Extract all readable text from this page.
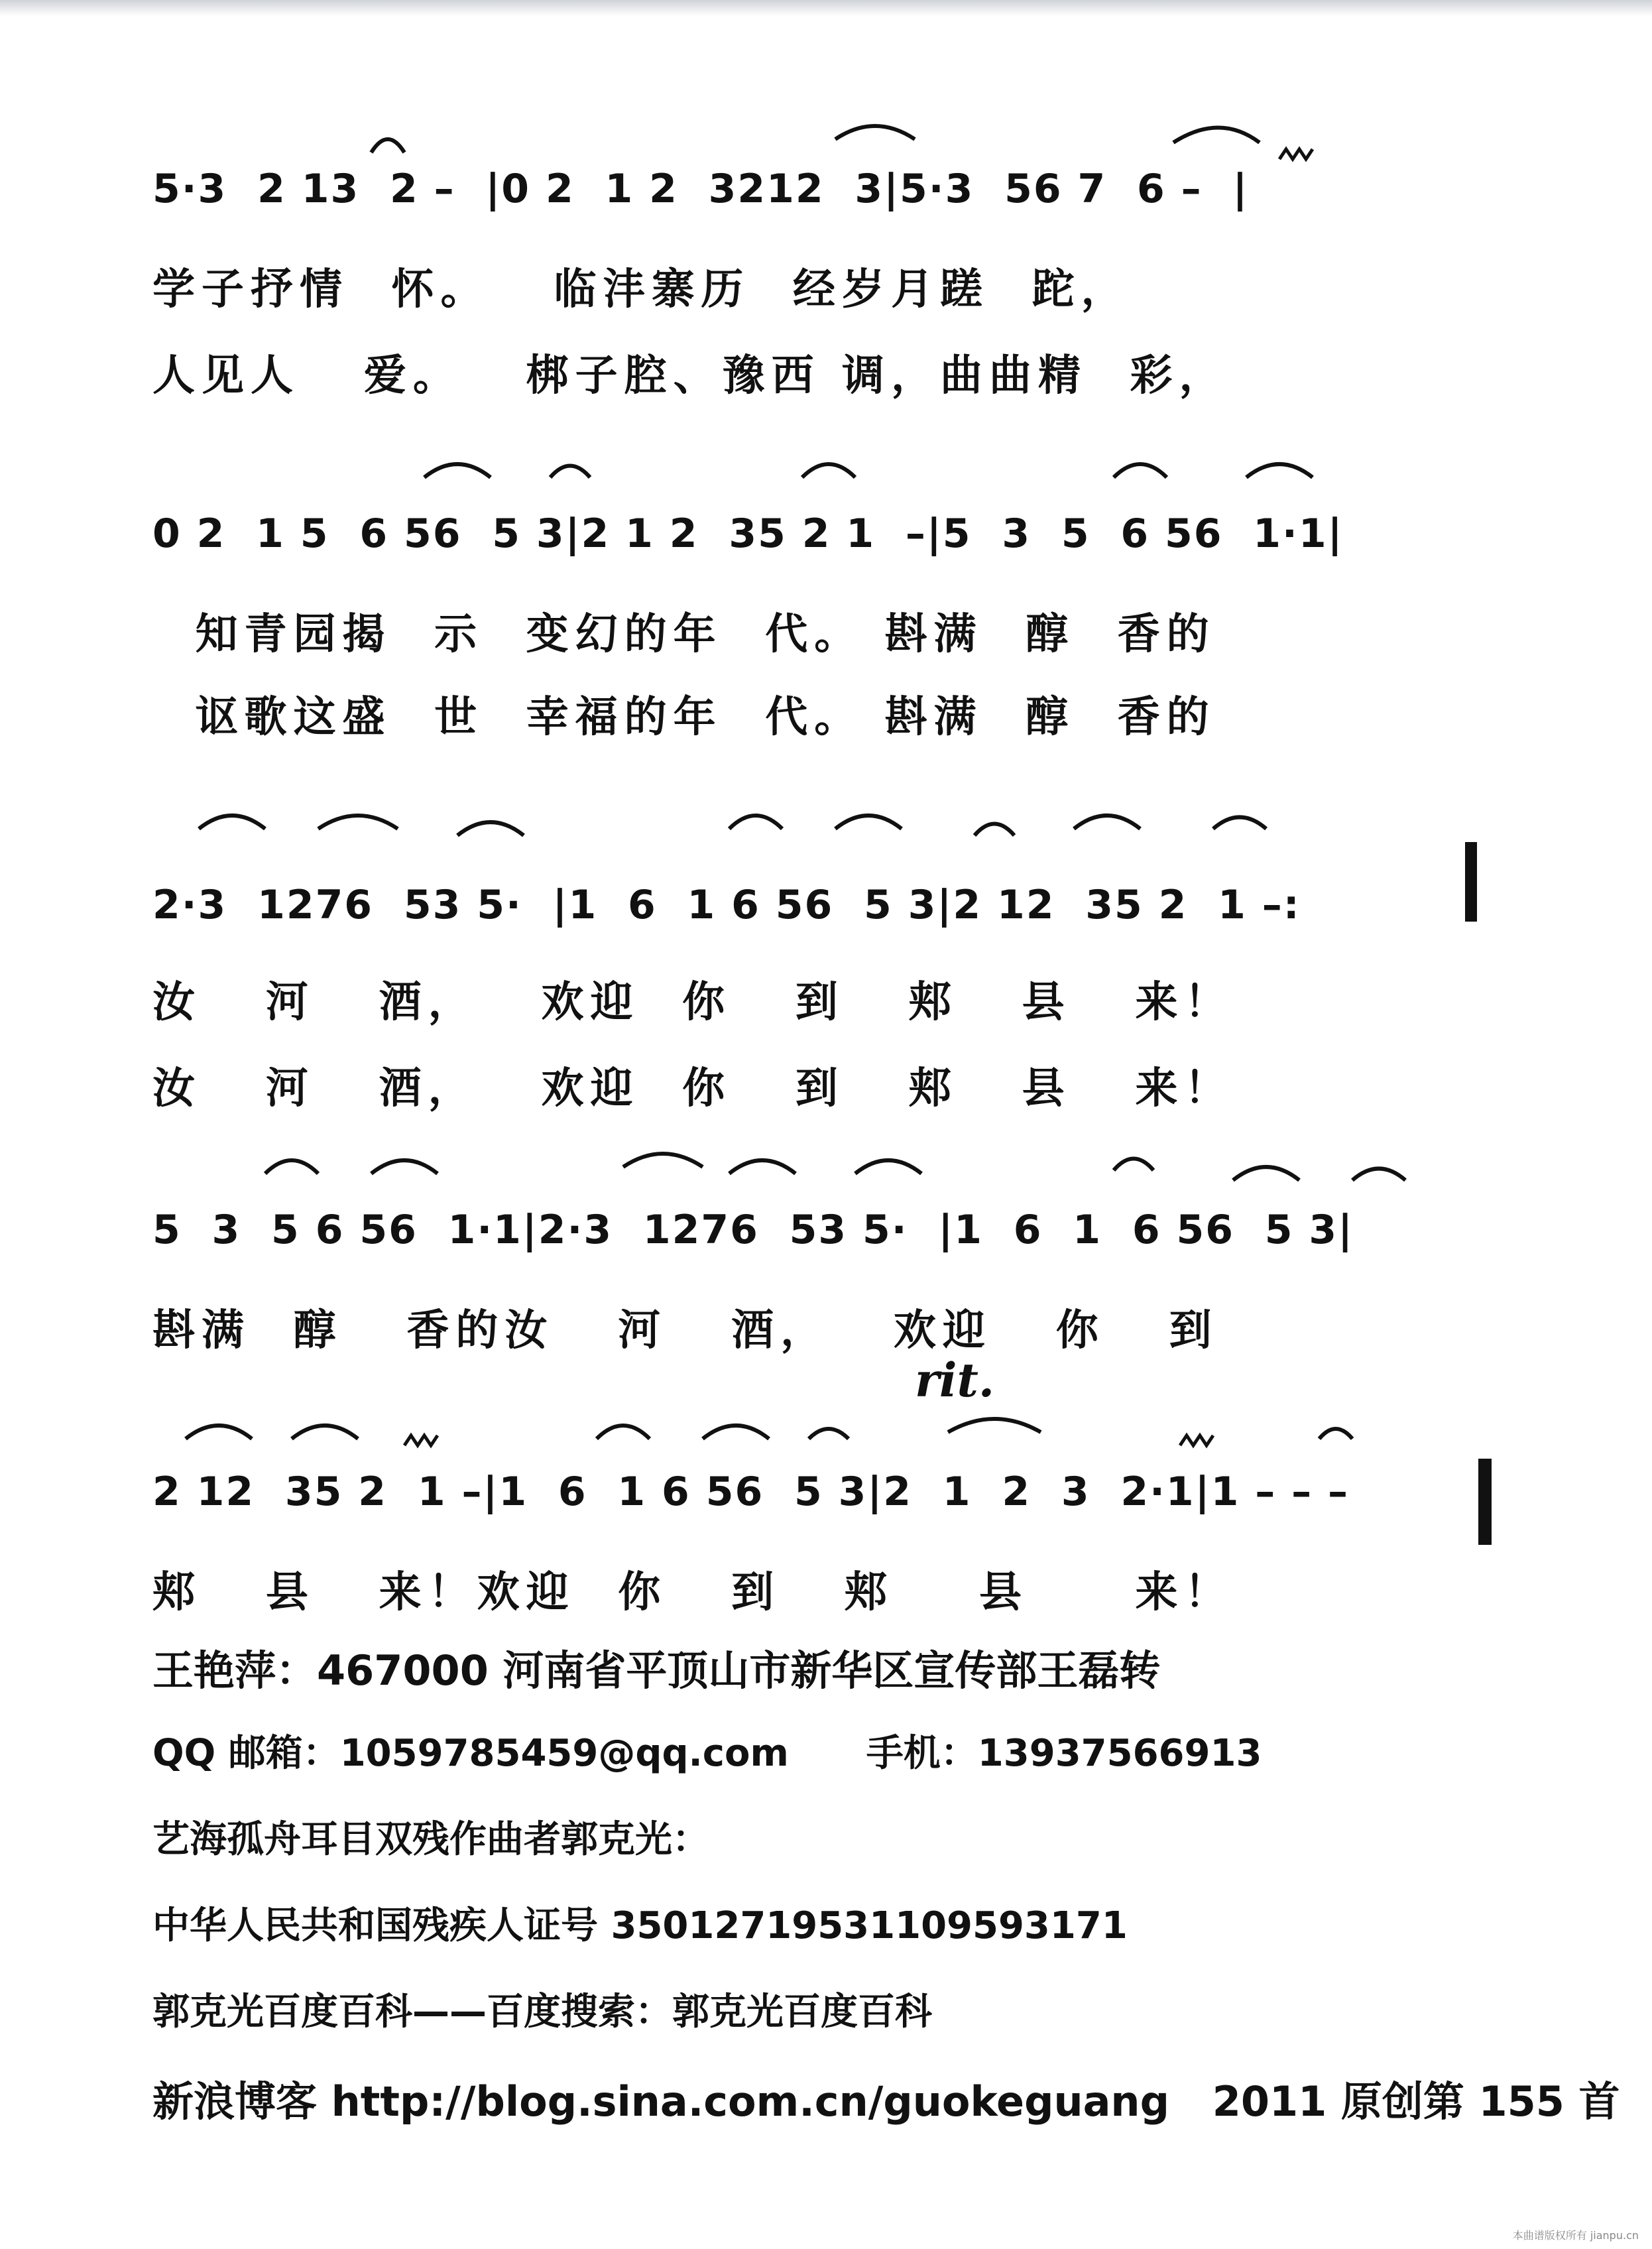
5·3  2 13  2 –  |0 2  1 2  3212  3|5·3  56 7  6 –  |
学子抒情  怀。   临沣寨历  经岁月蹉  跎，
人见人   爱。   梆子腔、豫西 调，曲曲精  彩，
0 2  1 5  6 56  5 3|2 1 2  35 2 1  –|5  3  5  6 56  1·1|
知青园揭  示  变幻的年  代。 斟满  醇  香的
讴歌这盛  世  幸福的年  代。 斟满  醇  香的
2·3  1276  53 5·  |1  6  1 6 56  5 3|2 12  35 2  1 –:
汝   河   酒，   欢迎  你   到   郏   县   来！
汝   河   酒，   欢迎  你   到   郏   县   来！
5  3  5 6 56  1·1|2·3  1276  53 5·  |1  6  1  6 56  5 3|
斟满  醇   香的汝   河   酒，   欢迎   你   到
rit.
2 12  35 2  1 –|1  6  1 6 56  5 3|2  1  2  3  2·1|1 – – –
郏   县   来！欢迎  你   到   郏    县     来！
王艳萍：467000 河南省平顶山市新华区宣传部王磊转
QQ 邮箱：1059785459@qq.com      手机：13937566913
艺海孤舟耳目双残作曲者郭克光：
中华人民共和国残疾人证号 35012719531109593171
郭克光百度百科——百度搜索：郭克光百度百科
新浪博客 http://blog.sina.com.cn/guokeguang   2011 原创第 155 首
本曲谱版权所有 jianpu.cn
